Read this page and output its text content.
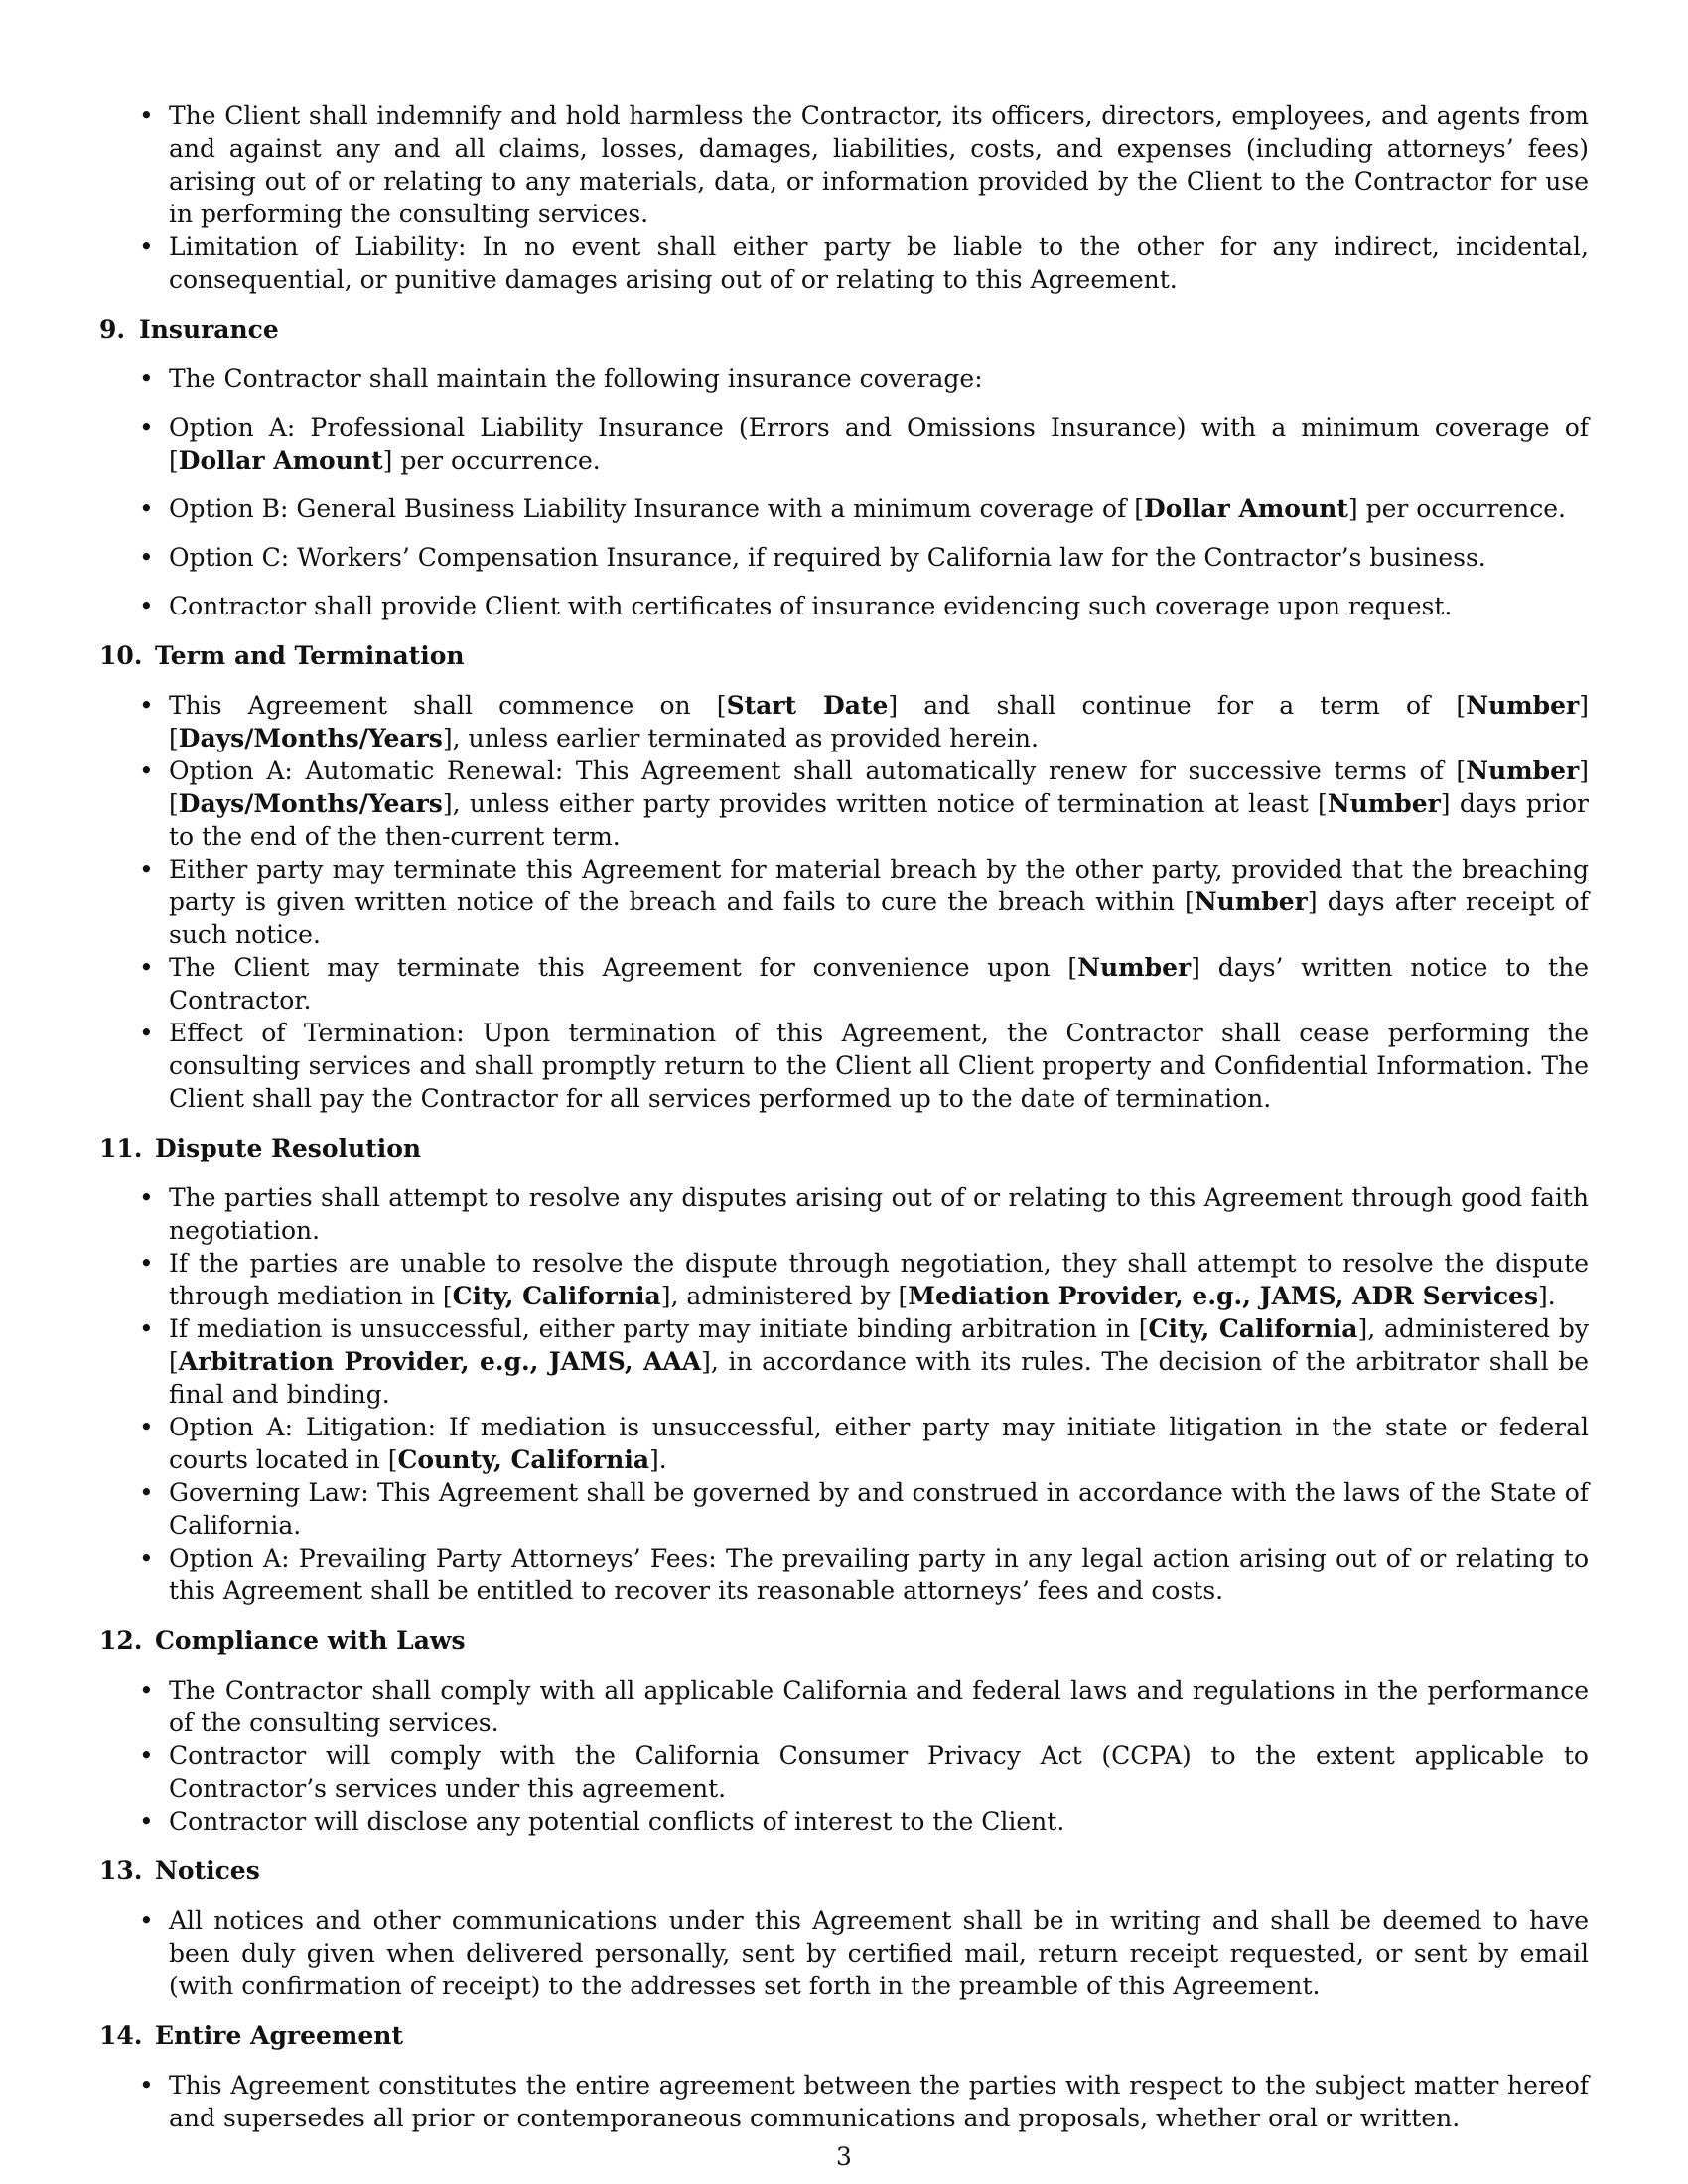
• The Client shall indemnify and hold harmless the Contractor, its officers, directors, employees, and agents from and against any and all claims, losses, damages, liabilities, costs, and expenses (including attorneys’ fees) arising out of or relating to any materials, data, or information provided by the Client to the Contractor for use in performing the consulting services.
• Limitation of Liability: In no event shall either party be liable to the other for any indirect, incidental, consequential, or punitive damages arising out of or relating to this Agreement.
9. Insurance
• The Contractor shall maintain the following insurance coverage:
• Option A: Professional Liability Insurance (Errors and Omissions Insurance) with a minimum coverage of [Dollar Amount] per occurrence.
• Option B: General Business Liability Insurance with a minimum coverage of [Dollar Amount] per occurrence.
• Option C: Workers’ Compensation Insurance, if required by California law for the Contractor’s business.
• Contractor shall provide Client with certificates of insurance evidencing such coverage upon request.
10. Term and Termination
• This Agreement shall commence on [Start Date] and shall continue for a term of [Number] [Days/Months/Years], unless earlier terminated as provided herein.
• Option A: Automatic Renewal: This Agreement shall automatically renew for successive terms of [Number] [Days/Months/Years], unless either party provides written notice of termination at least [Number] days prior to the end of the then-current term.
• Either party may terminate this Agreement for material breach by the other party, provided that the breaching party is given written notice of the breach and fails to cure the breach within [Number] days after receipt of such notice.
• The Client may terminate this Agreement for convenience upon [Number] days’ written notice to the Contractor.
• Effect of Termination: Upon termination of this Agreement, the Contractor shall cease performing the consulting services and shall promptly return to the Client all Client property and Confidential Information. The Client shall pay the Contractor for all services performed up to the date of termination.
11. Dispute Resolution
• The parties shall attempt to resolve any disputes arising out of or relating to this Agreement through good faith negotiation.
• If the parties are unable to resolve the dispute through negotiation, they shall attempt to resolve the dispute through mediation in [City, California], administered by [Mediation Provider, e.g., JAMS, ADR Services].
• If mediation is unsuccessful, either party may initiate binding arbitration in [City, California], administered by [Arbitration Provider, e.g., JAMS, AAA], in accordance with its rules. The decision of the arbitrator shall be final and binding.
• Option A: Litigation: If mediation is unsuccessful, either party may initiate litigation in the state or federal courts located in [County, California].
• Governing Law: This Agreement shall be governed by and construed in accordance with the laws of the State of California.
• Option A: Prevailing Party Attorneys’ Fees: The prevailing party in any legal action arising out of or relating to this Agreement shall be entitled to recover its reasonable attorneys’ fees and costs.
12. Compliance with Laws
• The Contractor shall comply with all applicable California and federal laws and regulations in the performance of the consulting services.
• Contractor will comply with the California Consumer Privacy Act (CCPA) to the extent applicable to Contractor’s services under this agreement.
• Contractor will disclose any potential conflicts of interest to the Client.
13. Notices
• All notices and other communications under this Agreement shall be in writing and shall be deemed to have been duly given when delivered personally, sent by certified mail, return receipt requested, or sent by email (with confirmation of receipt) to the addresses set forth in the preamble of this Agreement.
14. Entire Agreement
• This Agreement constitutes the entire agreement between the parties with respect to the subject matter hereof and supersedes all prior or contemporaneous communications and proposals, whether oral or written.
3
